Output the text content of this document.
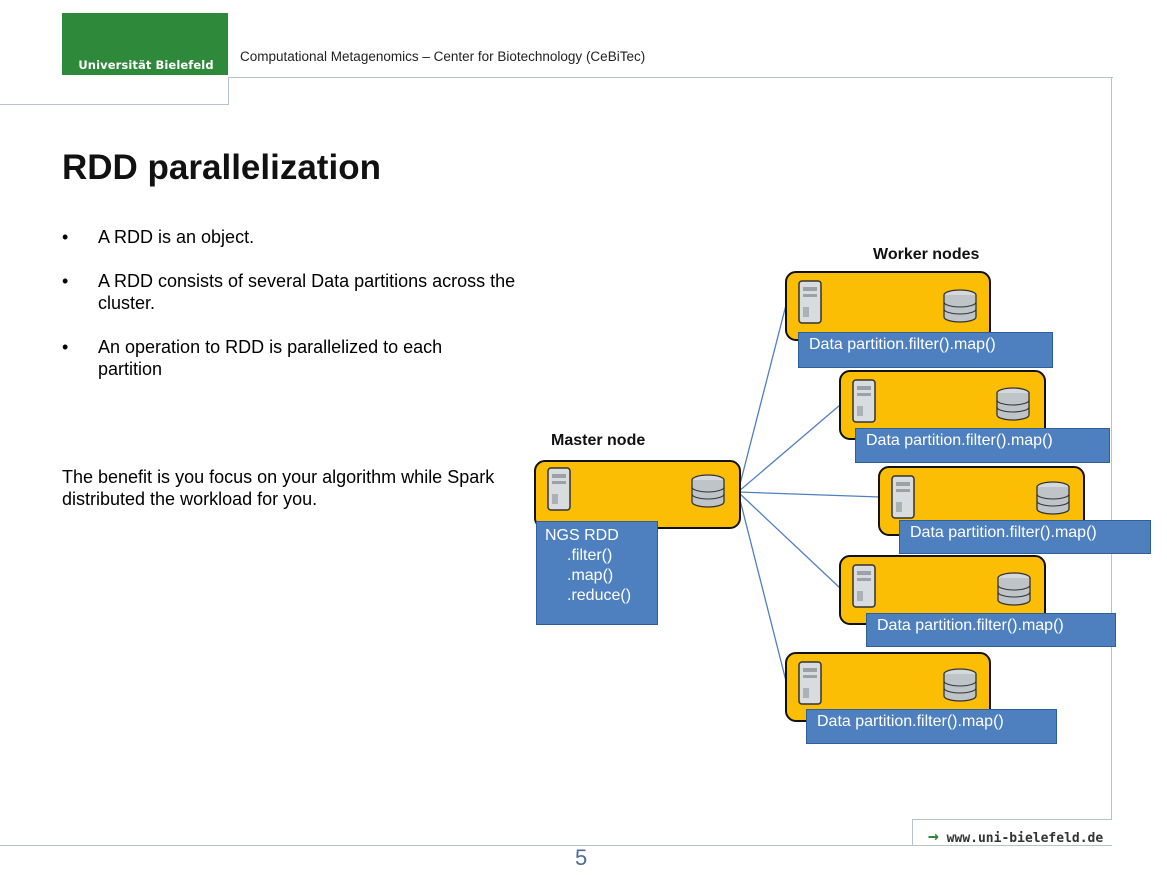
Universität Bielefeld
Computational Metagenomics – Center for Biotechnology (CeBiTec)
RDD parallelization
• A RDD is an object.
• A RDD consists of several Data partitions across the cluster.
• An operation to RDD is parallelized to each partition
The benefit is you focus on your algorithm while Spark distributed the workload for you.
Master node
Worker nodes
NGS RDD
.filter()
.map()
.reduce()
Data partition.filter().map()
Data partition.filter().map()
Data partition.filter().map()
Data partition.filter().map()
Data partition.filter().map()
→ www.uni-bielefeld.de
5
